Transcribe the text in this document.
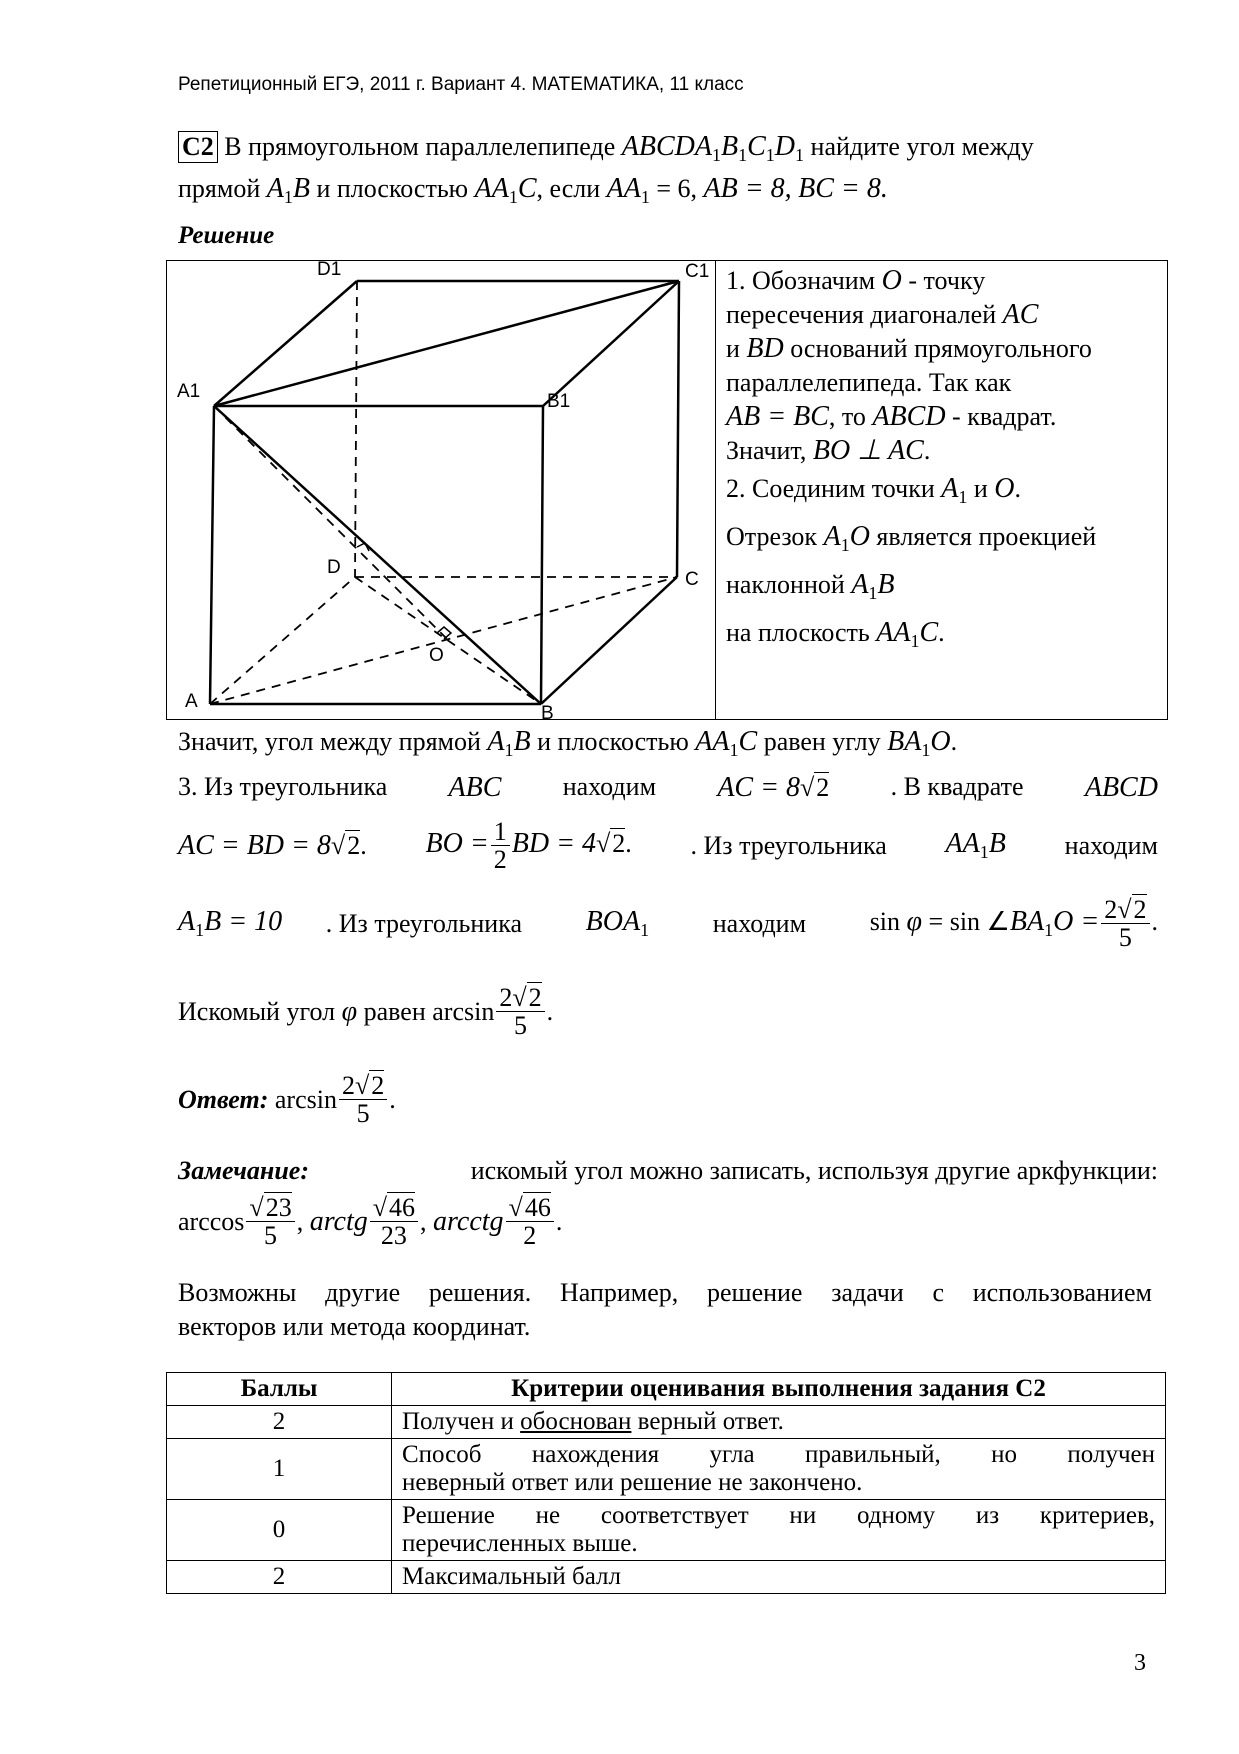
Репетиционный ЕГЭ, 2011 г. Вариант 4. МАТЕМАТИКА, 11 класс
С2 В прямоугольном параллелепипеде $ABCDA_1B_1C_1D_1$ найдите угол между
прямой $A_1B$ и плоскостью $AA_1C$, если $AA_1 = 6$, AB = 8, BC = 8.
Решение
D1	C1
A1	B1
D
C
O
A
B
1. Обозначим O - точку
пересечения диагоналей AC
и BD оснований прямоугольного
параллелепипеда. Так как
AB = BC, то ABCD - квадрат.
Значит, BO ⊥ AC.
2. Соединим точки $A_1$ и O.
Отрезок $A_1O$ является проекцией
наклонной $A_1B$
на плоскость $AA_1C$.
Значит, угол между прямой $A_1B$ и плоскостью $AA_1C$ равен углу $BA_1O$.
3. Из треугольника ABC находим AC = 8√2 . В квадрате ABCD
AC = BD = 8√2. BO = $\frac{1}{2}$ BD = 4√2. . Из треугольника $AA_1B$ находим
$A_1B = 10$ . Из треугольника $BOA_1$ находим $\sin \varphi = \sin \angle BA_1O = \frac{2√2}{5}$ .
Искомый угол
φ
равен
$\arcsin \frac{2√2}{5}$ .
Ответ:
$\arcsin \frac{2√2}{5}$ .
Замечание:	искомый угол можно записать, используя другие аркфункции:
$\arccos \frac{√23}{5}$ , arctg $\frac{√46}{23}$ , arcctg $\frac{√46}{2}$ .
Возможны другие решения. Например, решение задачи с использованием
векторов или метода координат.
Баллы	Критерии оценивания выполнения задания С2
2	Получен и обоснован верный ответ.
1	Способ нахождения угла правильный, но получен
неверный ответ или решение не закончено.

0	Решение не соответствует ни одному из критериев,
перечисленных выше.

2	Максимальный балл
3
